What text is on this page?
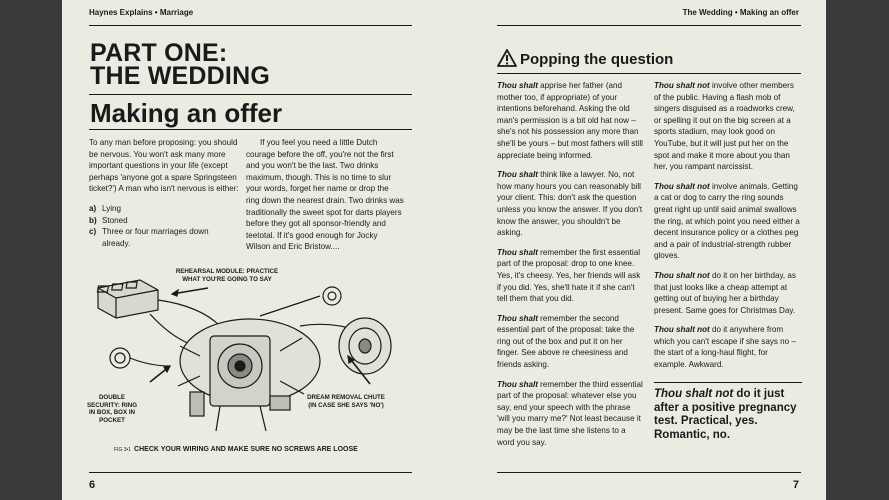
Haynes Explains • Marriage	The Wedding • Making an offer
PART ONE:
THE WEDDING
Making an offer

To any man before proposing: you should be nervous. You won't ask many more important questions in your life (except perhaps 'anyone got a spare Springsteen ticket?') A man who isn't nervous is either:

a) Lying
b) Stoned
c) Three or four marriages down already.

If you feel you need a little Dutch courage before the off, you're not the first and you won't be the last. Two drinks maximum, though. This is no time to slur your words, forget her name or drop the ring down the nearest drain. Two drinks was traditionally the sweet spot for darts players before they got all sponsor-friendly and teetotal. If it's good enough for Jocky Wilson and Eric Bristow....

REHEARSAL MODULE: PRACTICE WHAT YOU'RE GOING TO SAY
DOUBLE SECURITY: RING IN BOX, BOX IN POCKET
DREAM REMOVAL CHUTE (IN CASE SHE SAYS 'NO')
FIG 3•1 CHECK YOUR WIRING AND MAKE SURE NO SCREWS ARE LOOSE
6
Popping the question

Thou shalt apprise her father (and mother too, if appropriate) of your intentions beforehand. Asking the old man's permission is a bit old hat now – she's not his possession any more than she'll be yours – but most fathers will still appreciate being informed.

Thou shalt think like a lawyer. No, not how many hours you can reasonably bill your client. This: don't ask the question unless you know the answer. If you don't know the answer, you shouldn't be asking.

Thou shalt remember the first essential part of the proposal: drop to one knee. Yes, it's cheesy. Yes, her friends will ask if you did. Yes, she'll hate it if she can't tell them that you did.

Thou shalt remember the second essential part of the proposal: take the ring out of the box and put it on her finger. See above re cheesiness and friends asking.

Thou shalt remember the third essential part of the proposal: whatever else you say, end your speech with the phrase 'will you marry me?' Not least because it may be the last time she listens to a word you say.

Thou shalt not involve other members of the public. Having a flash mob of singers disguised as a roadworks crew, or spelling it out on the big screen at a sports stadium, may look good on YouTube, but it will just put her on the spot and make it more about you than her, you rampant narcissist.

Thou shalt not involve animals. Getting a cat or dog to carry the ring sounds great right up until said animal swallows the ring, at which point you need either a decent insurance policy or a clothes peg and a pair of industrial-strength rubber gloves.

Thou shalt not do it on her birthday, as that just looks like a cheap attempt at getting out of buying her a birthday present. Same goes for Christmas Day.

Thou shalt not do it anywhere from which you can't escape if she says no – the start of a long-haul flight, for example. Awkward.

Thou shalt not do it just after a positive pregnancy test. Practical, yes. Romantic, no.
7
